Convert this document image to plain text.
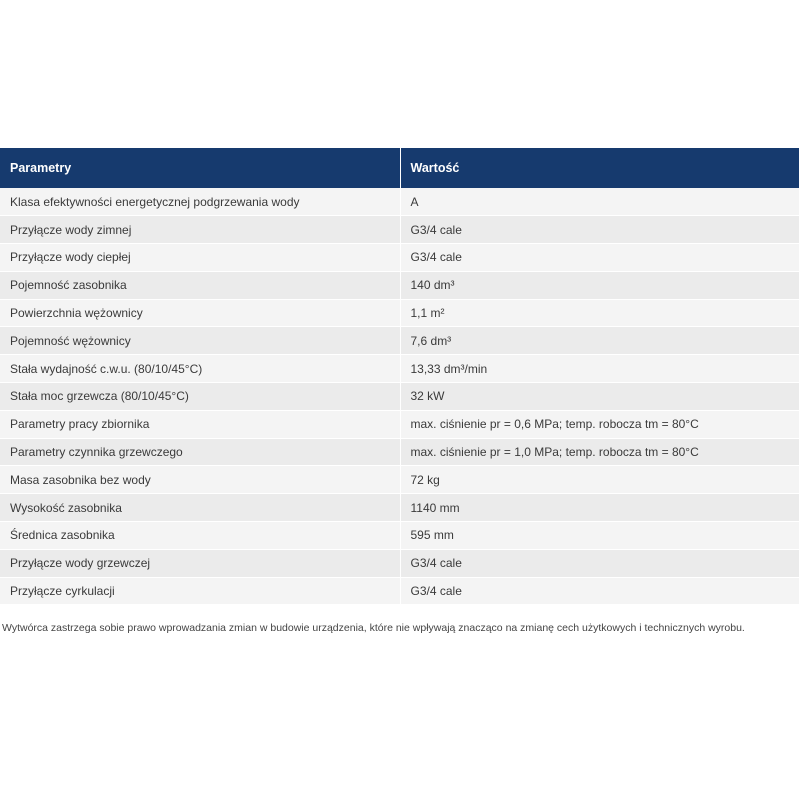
Parametry	Wartość
Klasa efektywności energetycznej podgrzewania wody	A
Przyłącze wody zimnej	G3/4 cale
Przyłącze wody ciepłej	G3/4 cale
Pojemność zasobnika	140 dm³
Powierzchnia wężownicy	1,1 m²
Pojemność wężownicy	7,6 dm³
Stała wydajność c.w.u. (80/10/45°C)	13,33 dm³/min
Stała moc grzewcza (80/10/45°C)	32 kW
Parametry pracy zbiornika	max. ciśnienie pr = 0,6 MPa; temp. robocza tm = 80°C
Parametry czynnika grzewczego	max. ciśnienie pr = 1,0 MPa; temp. robocza tm = 80°C
Masa zasobnika bez wody	72 kg
Wysokość zasobnika	1140 mm
Średnica zasobnika	595 mm
Przyłącze wody grzewczej	G3/4 cale
Przyłącze cyrkulacji	G3/4 cale
Wytwórca zastrzega sobie prawo wprowadzania zmian w budowie urządzenia, które nie wpływają znacząco na zmianę cech użytkowych i technicznych wyrobu.
